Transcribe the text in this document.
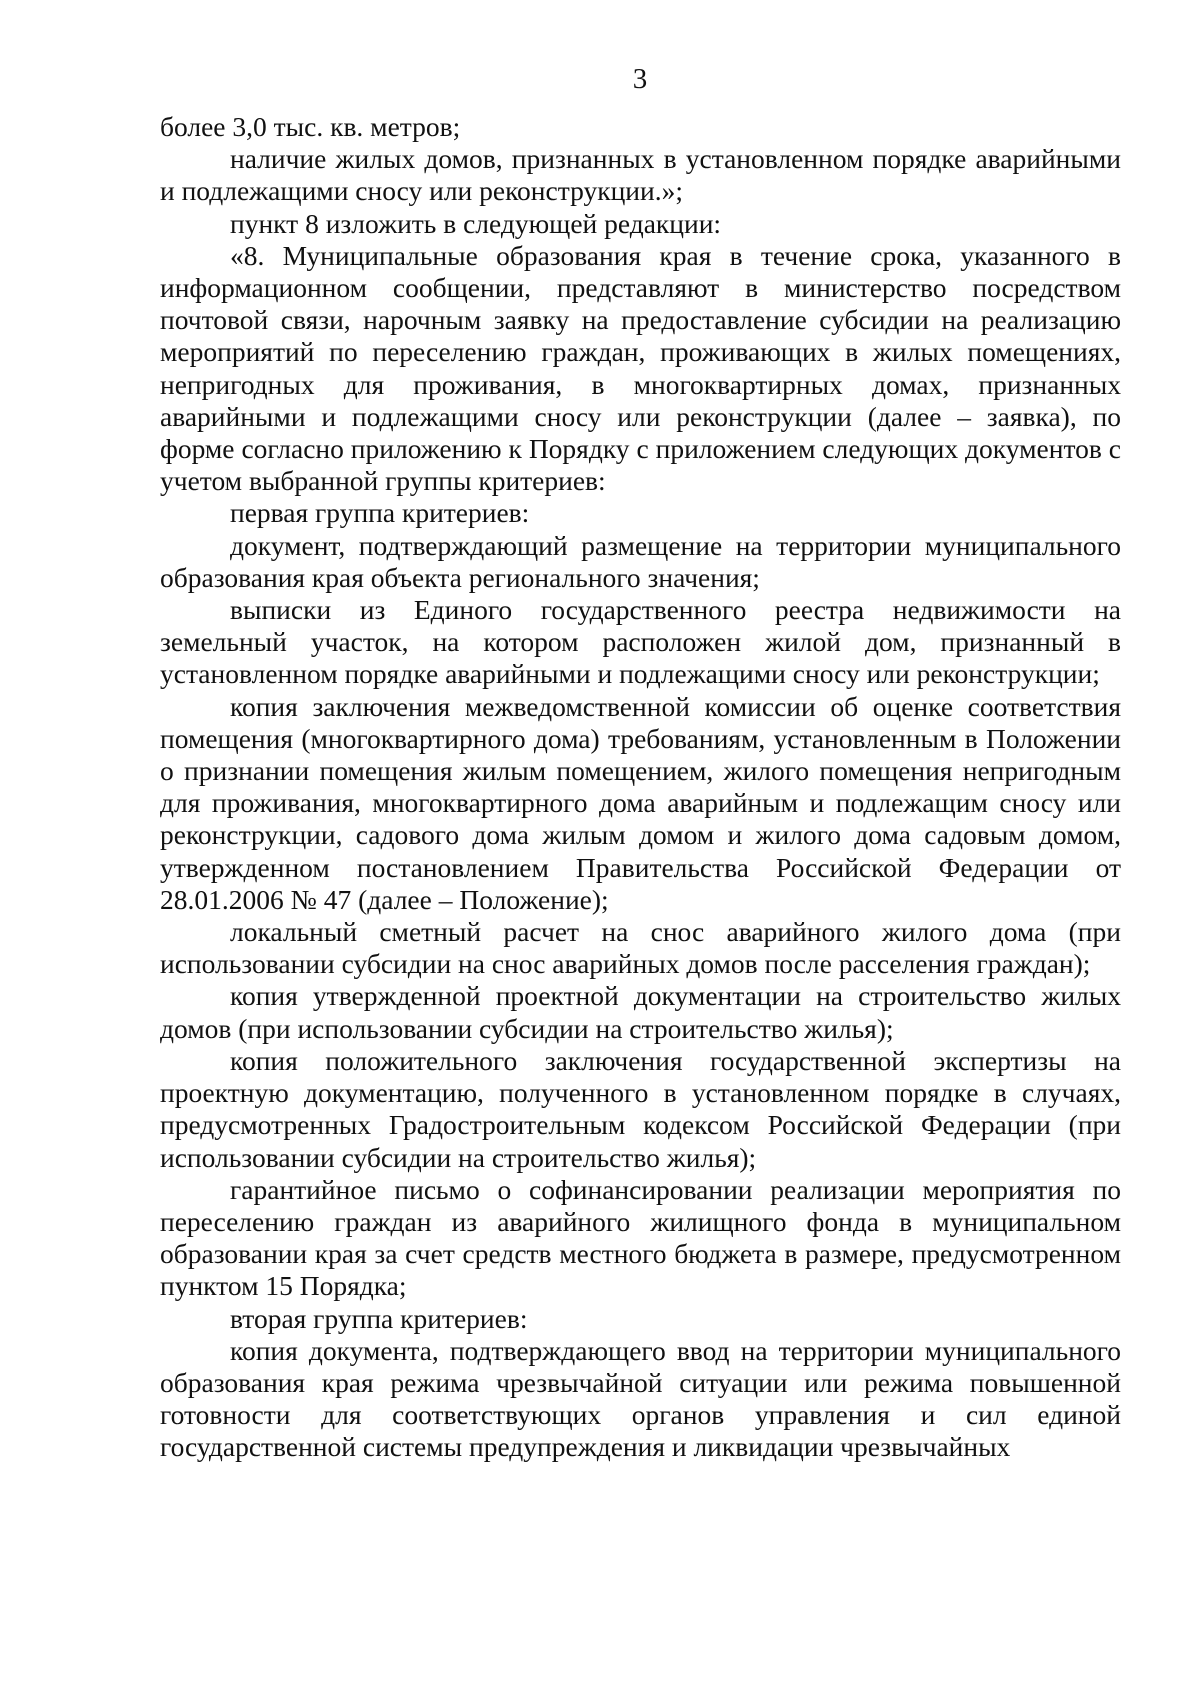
3

более 3,0 тыс. кв. метров;

наличие жилых домов, признанных в установленном порядке аварийными и подлежащими сносу или реконструкции.»;

пункт 8 изложить в следующей редакции:

«8. Муниципальные образования края в течение срока, указанного в информационном сообщении, представляют в министерство посредством почтовой связи, нарочным заявку на предоставление субсидии на реализацию мероприятий по переселению граждан, проживающих в жилых помещениях, непригодных для проживания, в многоквартирных домах, признанных аварийными и подлежащими сносу или реконструкции (далее – заявка), по форме согласно приложению к Порядку с приложением следующих документов с учетом выбранной группы критериев:

первая группа критериев:

документ, подтверждающий размещение на территории муниципального образования края объекта регионального значения;

выписки из Единого государственного реестра недвижимости на земельный участок, на котором расположен жилой дом, признанный в установленном порядке аварийными и подлежащими сносу или реконструкции;

копия заключения межведомственной комиссии об оценке соответствия помещения (многоквартирного дома) требованиям, установленным в Положении о признании помещения жилым помещением, жилого помещения непригодным для проживания, многоквартирного дома аварийным и подлежащим сносу или реконструкции, садового дома жилым домом и жилого дома садовым домом, утвержденном постановлением Правительства Российской Федерации от 28.01.2006 № 47 (далее – Положение);

локальный сметный расчет на снос аварийного жилого дома (при использовании субсидии на снос аварийных домов после расселения граждан);

копия утвержденной проектной документации на строительство жилых домов (при использовании субсидии на строительство жилья);

копия положительного заключения государственной экспертизы на проектную документацию, полученного в установленном порядке в случаях, предусмотренных Градостроительным кодексом Российской Федерации (при использовании субсидии на строительство жилья);

гарантийное письмо о софинансировании реализации мероприятия по переселению граждан из аварийного жилищного фонда в муниципальном образовании края за счет средств местного бюджета в размере, предусмотренном пунктом 15 Порядка;

вторая группа критериев:

копия документа, подтверждающего ввод на территории муниципального образования края режима чрезвычайной ситуации или режима повышенной готовности для соответствующих органов управления и сил единой государственной системы предупреждения и ликвидации чрезвычайных
